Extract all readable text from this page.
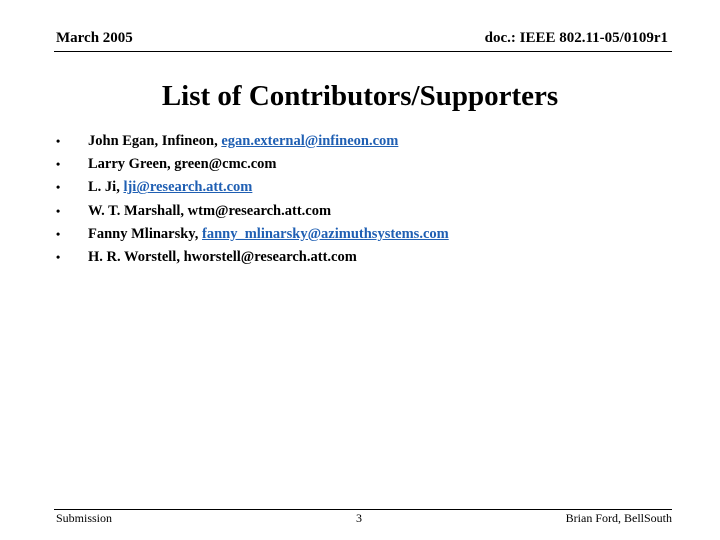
March 2005	doc.: IEEE 802.11-05/0109r1
List of Contributors/Supporters
•	John Egan, Infineon, egan.external@infineon.com
•	Larry Green, green@cmc.com
•	L. Ji, lji@research.att.com
•	W. T. Marshall, wtm@research.att.com
•	Fanny Mlinarsky, fanny_mlinarsky@azimuthsystems.com
•	H. R. Worstell, hworstell@research.att.com
Submission	3	Brian Ford, BellSouth
